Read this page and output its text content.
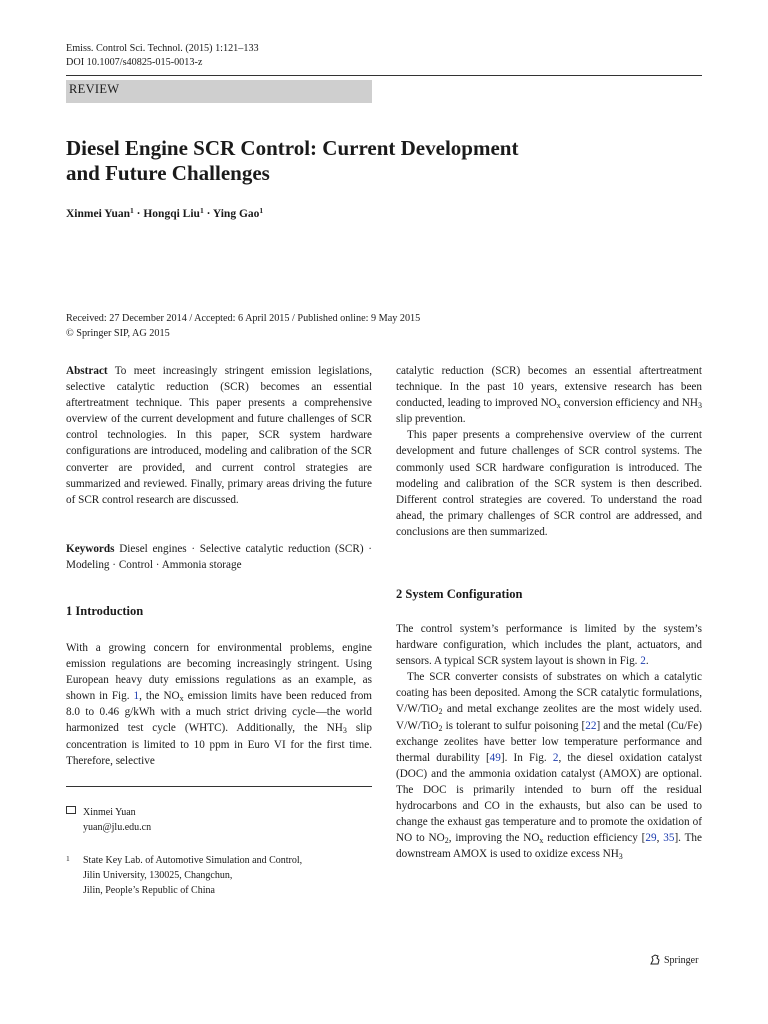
Emiss. Control Sci. Technol. (2015) 1:121–133
DOI 10.1007/s40825-015-0013-z
REVIEW
Diesel Engine SCR Control: Current Development
and Future Challenges
Xinmei Yuan$^1$ · Hongqi Liu$^1$ · Ying Gao$^1$
Received: 27 December 2014 / Accepted: 6 April 2015 / Published online: 9 May 2015
© Springer SIP, AG 2015

Abstract To meet increasingly stringent emission legislations, selective catalytic reduction (SCR) becomes an essential aftertreatment technique. This paper presents a comprehensive overview of the current development and future challenges of SCR control technologies. In this paper, SCR system hardware configurations are introduced, modeling and calibration of the SCR converter are provided, and current control strategies are summarized and reviewed. Finally, primary areas driving the future of SCR control research are discussed.

Keywords Diesel engines · Selective catalytic reduction (SCR) · Modeling · Control · Ammonia storage

1 Introduction

With a growing concern for environmental problems, engine emission regulations are becoming increasingly stringent. Using European heavy duty emissions regulations as an example, as shown in Fig. 1, the $NO_x$ emission limits have been reduced from 8.0 to 0.46 g/kWh with a much strict driving cycle—the world harmonized test cycle (WHTC). Additionally, the $NH_3$ slip concentration is limited to 10 ppm in Euro VI for the first time. Therefore, selective

Xinmei Yuan
yuan@jlu.edu.cn
1 State Key Lab. of Automotive Simulation and Control,
Jilin University, 130025, Changchun,
Jilin, People’s Republic of China

catalytic reduction (SCR) becomes an essential aftertreatment technique. In the past 10 years, extensive research has been conducted, leading to improved $NO_x$ conversion efficiency and $NH_3$ slip prevention.

This paper presents a comprehensive overview of the current development and future challenges of SCR control systems. The commonly used SCR hardware configuration is introduced. The modeling and calibration of the SCR system is then described. Different control strategies are covered. To understand the road ahead, the primary challenges of SCR control are addressed, and conclusions are then summarized.

2 System Configuration

The control system’s performance is limited by the system’s hardware configuration, which includes the plant, actuators, and sensors. A typical SCR system layout is shown in Fig. 2.

The SCR converter consists of substrates on which a catalytic coating has been deposited. Among the SCR catalytic formulations, V/W/TiO$_2$ and metal exchange zeolites are the most widely used. V/W/TiO$_2$ is tolerant to sulfur poisoning [22] and the metal (Cu/Fe) exchange zeolites have better low temperature performance and thermal durability [49]. In Fig. 2, the diesel oxidation catalyst (DOC) and the ammonia oxidation catalyst (AMOX) are optional. The DOC is primarily intended to burn off the residual hydrocarbons and CO in the exhausts, but also can be used to change the exhaust gas temperature and to promote the oxidation of NO to $NO_2$, improving the $NO_x$ reduction efficiency [29, 35]. The downstream AMOX is used to oxidize excess $NH_3$

Springer
